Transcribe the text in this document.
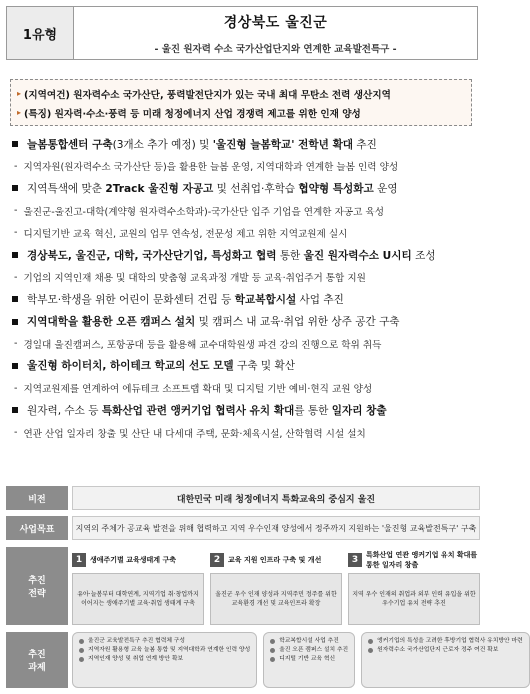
1유형
경상북도 울진군
- 울진 원자력 수소 국가산업단지와 연계한 교육발전특구 -
▸ (지역여건) 원자력수소 국가산단, 풍력발전단지가 있는 국내 최대 무탄소 전력 생산지역
▸ (특징) 원자력·수소·풍력 등 미래 청정에너지 산업 경쟁력 제고를 위한 인재 양성
늘봄통합센터 구축 (3개소 추가 예정) 및 '울진형 늘봄학교' 전학년 확대 추진
- 지역자원(원자력수소 국가산단 등)을 활용한 늘봄 운영, 지역대학과 연계한 늘봄 인력 양성
지역특색에 맞춘 2Track 울진형 자공고 및 선취업·후학습 협약형 특성화고 운영
- 울진군-울진고-대학(계약형 원자력수소학과)-국가산단 입주 기업을 연계한 자공고 육성
- 디지털기반 교육 혁신, 교원의 업무 연속성, 전문성 제고 위한 지역교원제 실시
경상북도, 울진군, 대학, 국가산단기업, 특성화고 협력 통한 울진 원자력수소 U시티 조성
- 기업의 지역인재 채용 및 대학의 맞춤형 교육과정 개발 등 교육·취업주거 통합 지원
학부모·학생을 위한 어린이 문화센터 건립 등 학교복합시설 사업 추진
지역대학을 활용한 오픈 캠퍼스 설치 및 캠퍼스 내 교육·취업 위한 상주 공간 구축
- 경일대 울진캠퍼스, 포항공대 등을 활용해 교수대학원생 파견 강의 진행으로 학위 취득
울진형 하이터치, 하이테크 학교의 선도 모델 구축 및 확산
- 지역교원제를 연계하여 에듀테크 소프트랩 확대 및 디지털 기반 예비·현직 교원 양성
원자력, 수소 등 특화산업 관련 앵커기업 협력사 유치 확대 를 통한 일자리 창출
- 연관 산업 일자리 창출 및 산단 내 다세대 주택, 문화·체육시설, 산학협력 시설 설치
비전	대한민국 미래 청정에너지 특화교육의 중심지 울진
사업목표	지역의 주체가 공교육 발전을 위해 협력하고 지역 우수인재 양성에서 정주까지 지원하는 '울진형 교육발전특구' 구축
추진
전략
1	생애주기별 교육생태계 구축
유아·늘봄부터 대학연계, 지역기업 취·창업까지 이어지는 생애주기별 교육·취업 생태계 구축
2	교육 지원 인프라 구축 및 개선
울진군 우수 인재 양성과 지역주민 정주를 위한 교육환경 개선 및 교육인프라 확장
3	특화산업 연관 앵커기업 유치 확대를 통한 일자리 창출
지역 우수 인재의 취업과 외부 인력 유입을 위한 우수기업 유치 전략 추진
추진
과제
울진군 교육발전특구 추진 협력체 구성
지역자원 활용형 교육 늘봄 통합 및 지역대학과 연계한 인력 양성
지역인재 양성 및 취업 연계 방안 확보
학교복합시설 사업 추진
울진 오픈 캠퍼스 설치 추진
디지털 기반 교육 혁신
앵커기업의 특성을 고려한 후방기업 협력사 유치방안 마련
원자력수소 국가산업단지 근로자 정주 여건 확보
